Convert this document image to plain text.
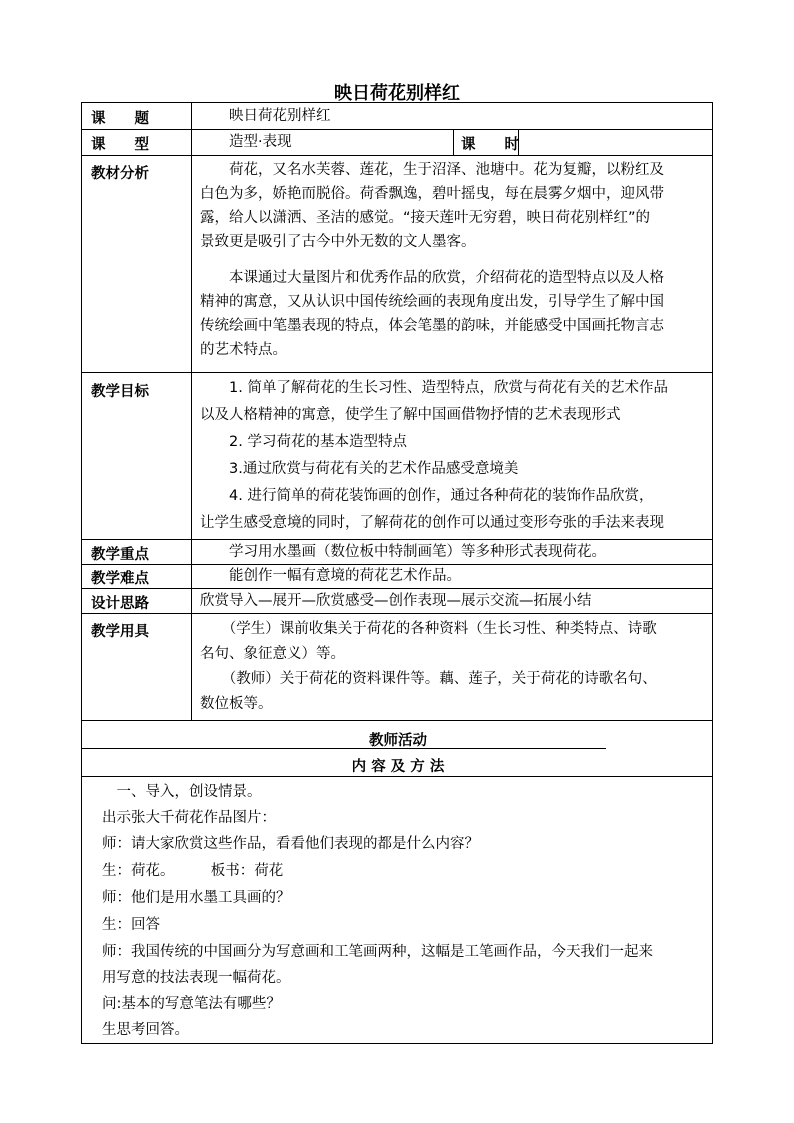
映日荷花别样红
课　　题	映日荷花别样红
课　　型	造型·表现	课　　时
教材分析	　　荷花，又名水芙蓉、莲花，生于沼泽、池塘中。花为复瓣，以粉红及
白色为多，娇艳而脱俗。荷香飘逸，碧叶摇曳，每在晨雾夕烟中，迎风带
露，给人以潇洒、圣洁的感觉。“接天莲叶无穷碧，映日荷花别样红”的
景致更是吸引了古今中外无数的文人墨客。
　　本课通过大量图片和优秀作品的欣赏，介绍荷花的造型特点以及人格
精神的寓意，又从认识中国传统绘画的表现角度出发，引导学生了解中国
传统绘画中笔墨表现的特点，体会笔墨的韵味，并能感受中国画托物言志
的艺术特点。
教学目标	　　1. 简单了解荷花的生长习性、造型特点，欣赏与荷花有关的艺术作品
以及人格精神的寓意，使学生了解中国画借物抒情的艺术表现形式
　　2. 学习荷花的基本造型特点
　　3.通过欣赏与荷花有关的艺术作品感受意境美
　　4. 进行简单的荷花装饰画的创作，通过各种荷花的装饰作品欣赏，
让学生感受意境的同时，了解荷花的创作可以通过变形夸张的手法来表现
教学重点	　　学习用水墨画（数位板中特制画笔）等多种形式表现荷花。
教学难点	　　能创作一幅有意境的荷花艺术作品。
设计思路	欣赏导入—展开—欣赏感受—创作表现—展示交流—拓展小结
教学用具	　　（学生）课前收集关于荷花的各种资料（生长习性、种类特点、诗歌
名句、象征意义）等。
　　（教师）关于荷花的资料课件等。藕、莲子，关于荷花的诗歌名句、
数位板等。
教师活动
内 容 及 方 法
　一、导入，创设情景。
出示张大千荷花作品图片：
师：请大家欣赏这些作品，看看他们表现的都是什么内容？
生：荷花。　　　板书：荷花
师：他们是用水墨工具画的？
生：回答
师：我国传统的中国画分为写意画和工笔画两种，这幅是工笔画作品，今天我们一起来
用写意的技法表现一幅荷花。
问:基本的写意笔法有哪些？
生思考回答。
